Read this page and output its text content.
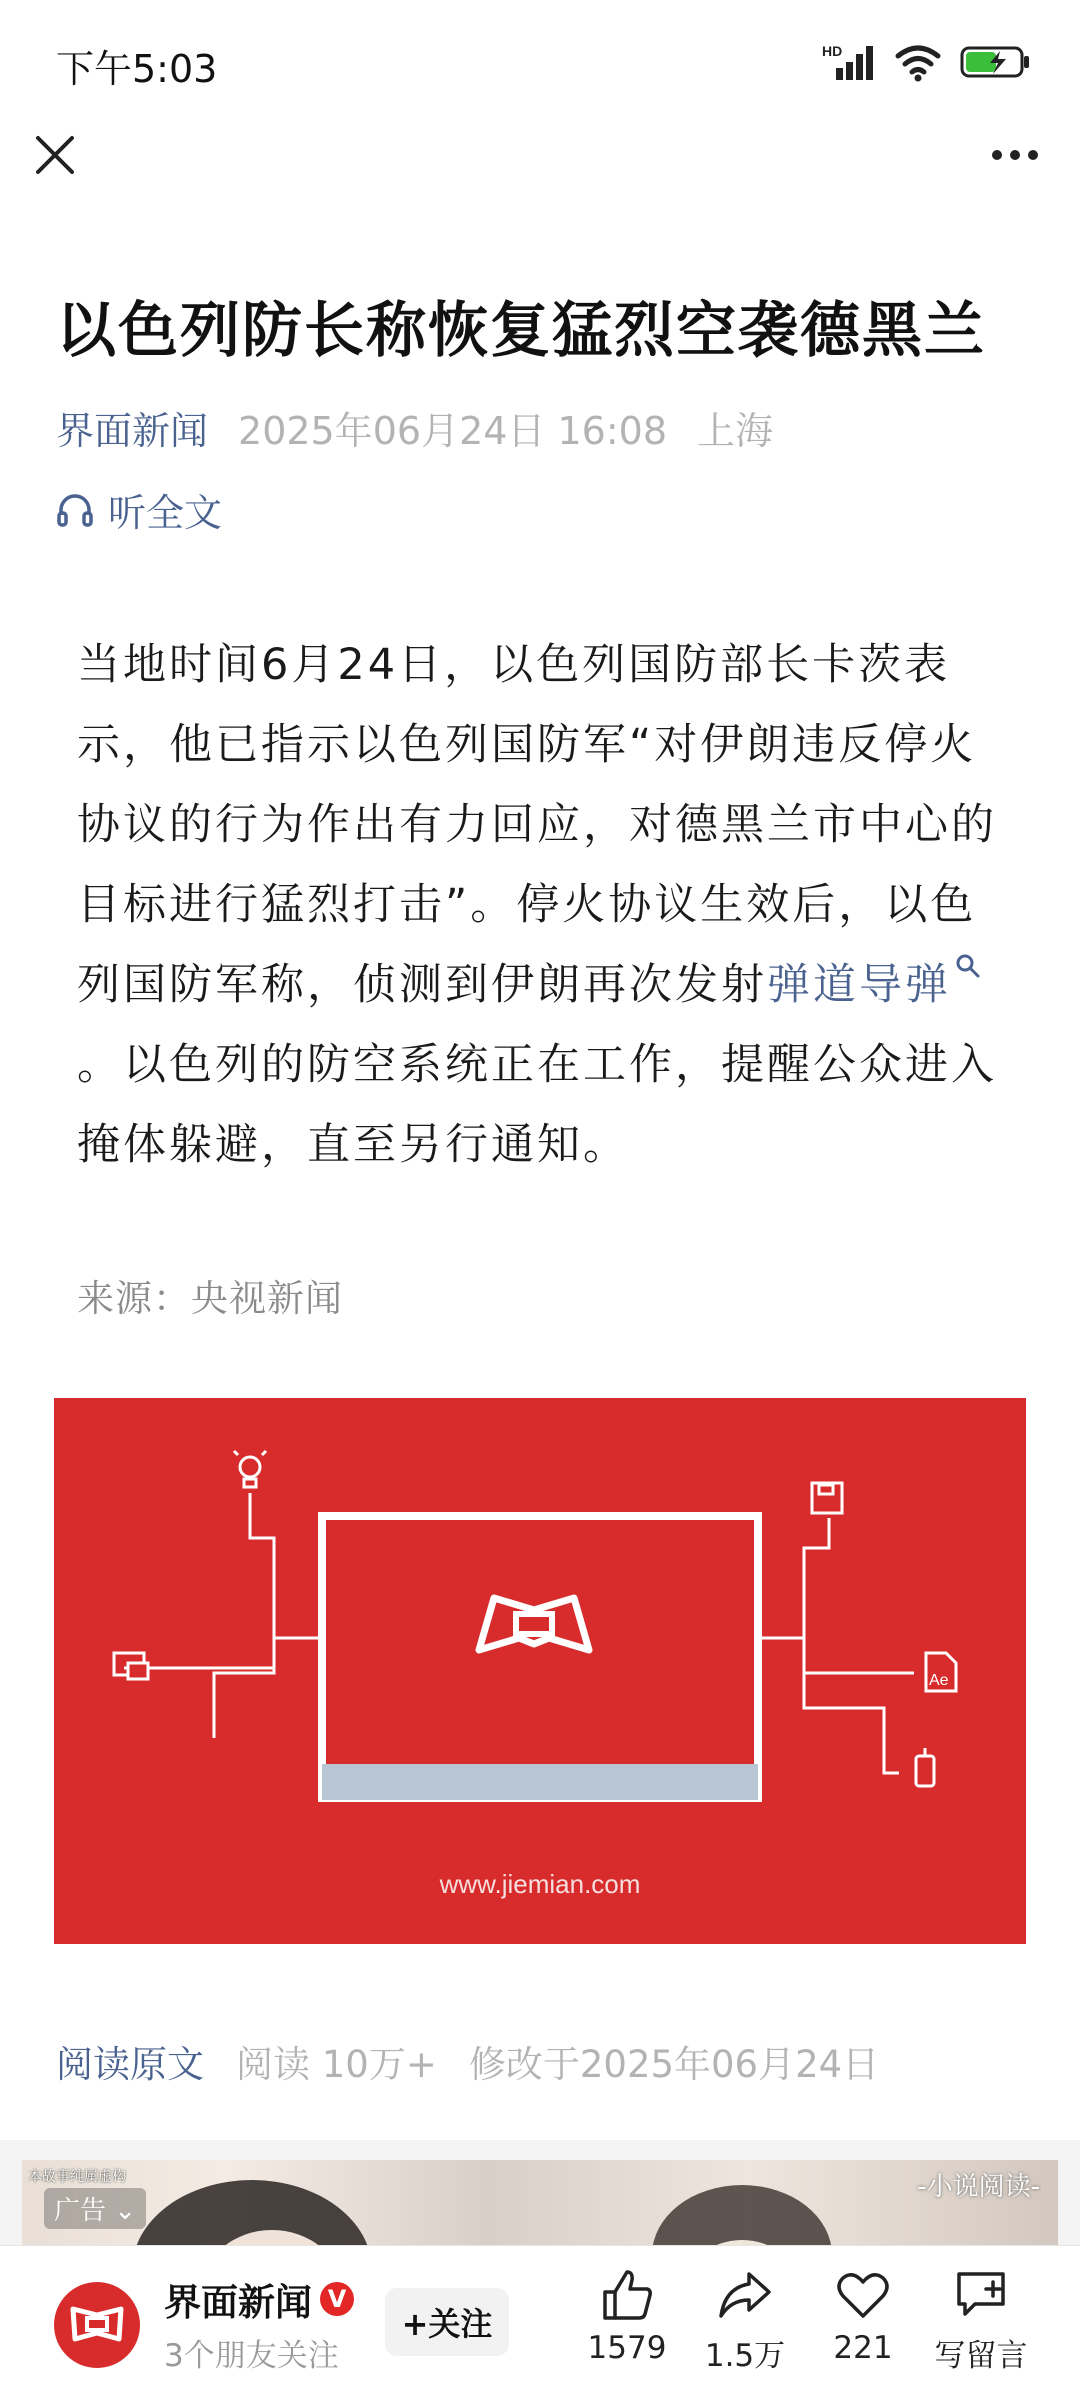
下午5:03	HD
以色列防长称恢复猛烈空袭德黑兰
界面新闻 2025年06月24日 16:08 上海
听全文
当地时间6月24日，以色列国防部长卡茨表示，他已指示以色列国防军“对伊朗违反停火协议的行为作出有力回应，对德黑兰市中心的目标进行猛烈打击”。停火协议生效后，以色列国防军称，侦测到伊朗再次发射弹道导弹。以色列的防空系统正在工作，提醒公众进入掩体躲避，直至另行通知。
来源：央视新闻
Ae
www.jiemian.com
阅读原文 阅读 10万+ 修改于2025年06月24日
本故事纯属虚构
广告 ⌄
-小说阅读-
界面新闻 V
3个朋友关注
+关注
1579	1.5万	221	写留言
